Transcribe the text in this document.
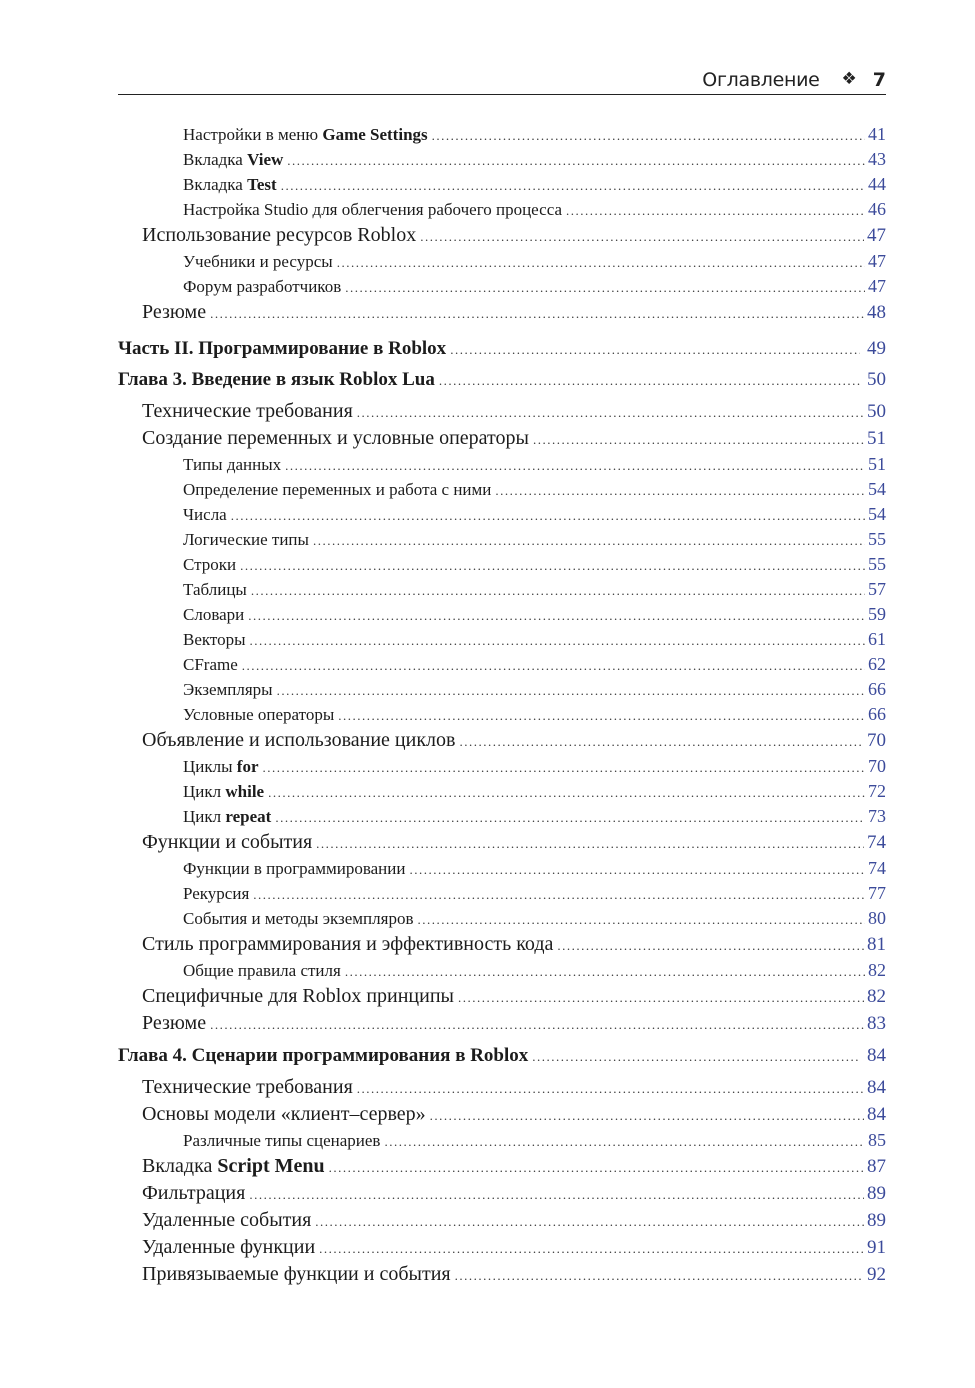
Оглавление ❖ 7
Настройки в меню Game Settings .....	41
Вкладка View .....	43
Вкладка Test .....	44
Настройка Studio для облегчения рабочего процесса .....	46
Использование ресурсов Roblox .....	47
Учебники и ресурсы .....	47
Форум разработчиков .....	47
Резюме .....	48
Часть II. Программирование в Roblox .....	49
Глава 3. Введение в язык Roblox Lua .....	50
Технические требования .....	50
Создание переменных и условные операторы .....	51
Типы данных .....	51
Определение переменных и работа с ними .....	54
Числа .....	54
Логические типы .....	55
Строки .....	55
Таблицы .....	57
Словари .....	59
Векторы .....	61
CFrame .....	62
Экземпляры .....	66
Условные операторы .....	66
Объявление и использование циклов .....	70
Циклы for .....	70
Цикл while .....	72
Цикл repeat .....	73
Функции и события .....	74
Функции в программировании .....	74
Рекурсия .....	77
События и методы экземпляров .....	80
Стиль программирования и эффективность кода .....	81
Общие правила стиля .....	82
Специфичные для Roblox принципы .....	82
Резюме .....	83
Глава 4. Сценарии программирования в Roblox .....	84
Технические требования .....	84
Основы модели «клиент–сервер» .....	84
Различные типы сценариев .....	85
Вкладка Script Menu .....	87
Фильтрация .....	89
Удаленные события .....	89
Удаленные функции .....	91
Привязываемые функции и события .....	92
